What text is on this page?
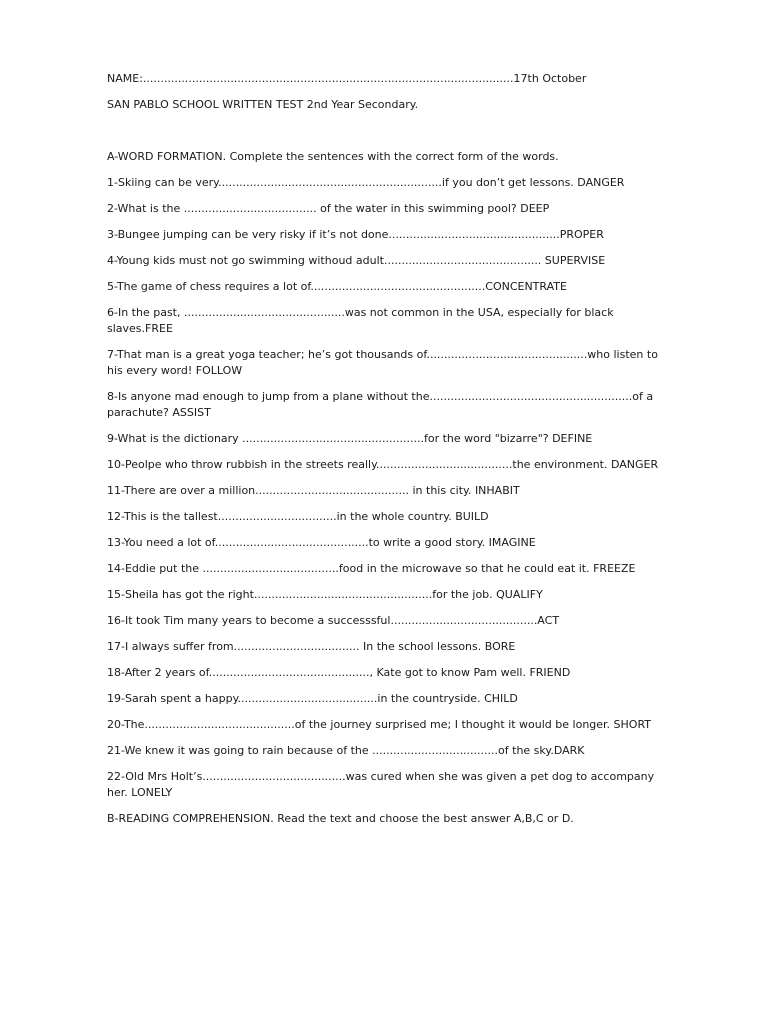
NAME:..........................................................................................................17th October
SAN PABLO SCHOOL WRITTEN TEST 2nd Year Secondary.
A-WORD FORMATION. Complete the sentences with the correct form of the words.
1-Skiing can be very................................................................if you don’t get lessons. DANGER
2-What is the ...................................... of the water in this swimming pool? DEEP
3-Bungee jumping can be very risky if it’s not done.................................................PROPER
4-Young kids must not go swimming withoud adult............................................. SUPERVISE
5-The game of chess requires a lot of..................................................CONCENTRATE
6-In the past, ..............................................was not common in the USA, especially for black slaves.FREE
7-That man is a great yoga teacher; he’s got thousands of..............................................who listen to his every word! FOLLOW
8-Is anyone mad enough to jump from a plane without the..........................................................of a parachute? ASSIST
9-What is the dictionary ....................................................for the word "bizarre"? DEFINE
10-Peolpe who throw rubbish in the streets really.......................................the environment. DANGER
11-There are over a million............................................ in this city. INHABIT
12-This is the tallest..................................in the whole country. BUILD
13-You need a lot of............................................to write a good story. IMAGINE
14-Eddie put the .......................................food in the microwave so that he could eat it. FREEZE
15-Sheila has got the right...................................................for the job. QUALIFY
16-It took Tim many years to become a successsful..........................................ACT
17-I always suffer from.................................... In the school lessons. BORE
18-After 2 years of.............................................., Kate got to know Pam well. FRIEND
19-Sarah spent a happy........................................in the countryside. CHILD
20-The...........................................of the journey surprised me; I thought it would be longer. SHORT
21-We knew it was going to rain because of the ....................................of the sky.DARK
22-Old Mrs Holt’s.........................................was cured when she was given a pet dog to accompany her. LONELY
B-READING COMPREHENSION. Read the text and choose the best answer A,B,C or D.
